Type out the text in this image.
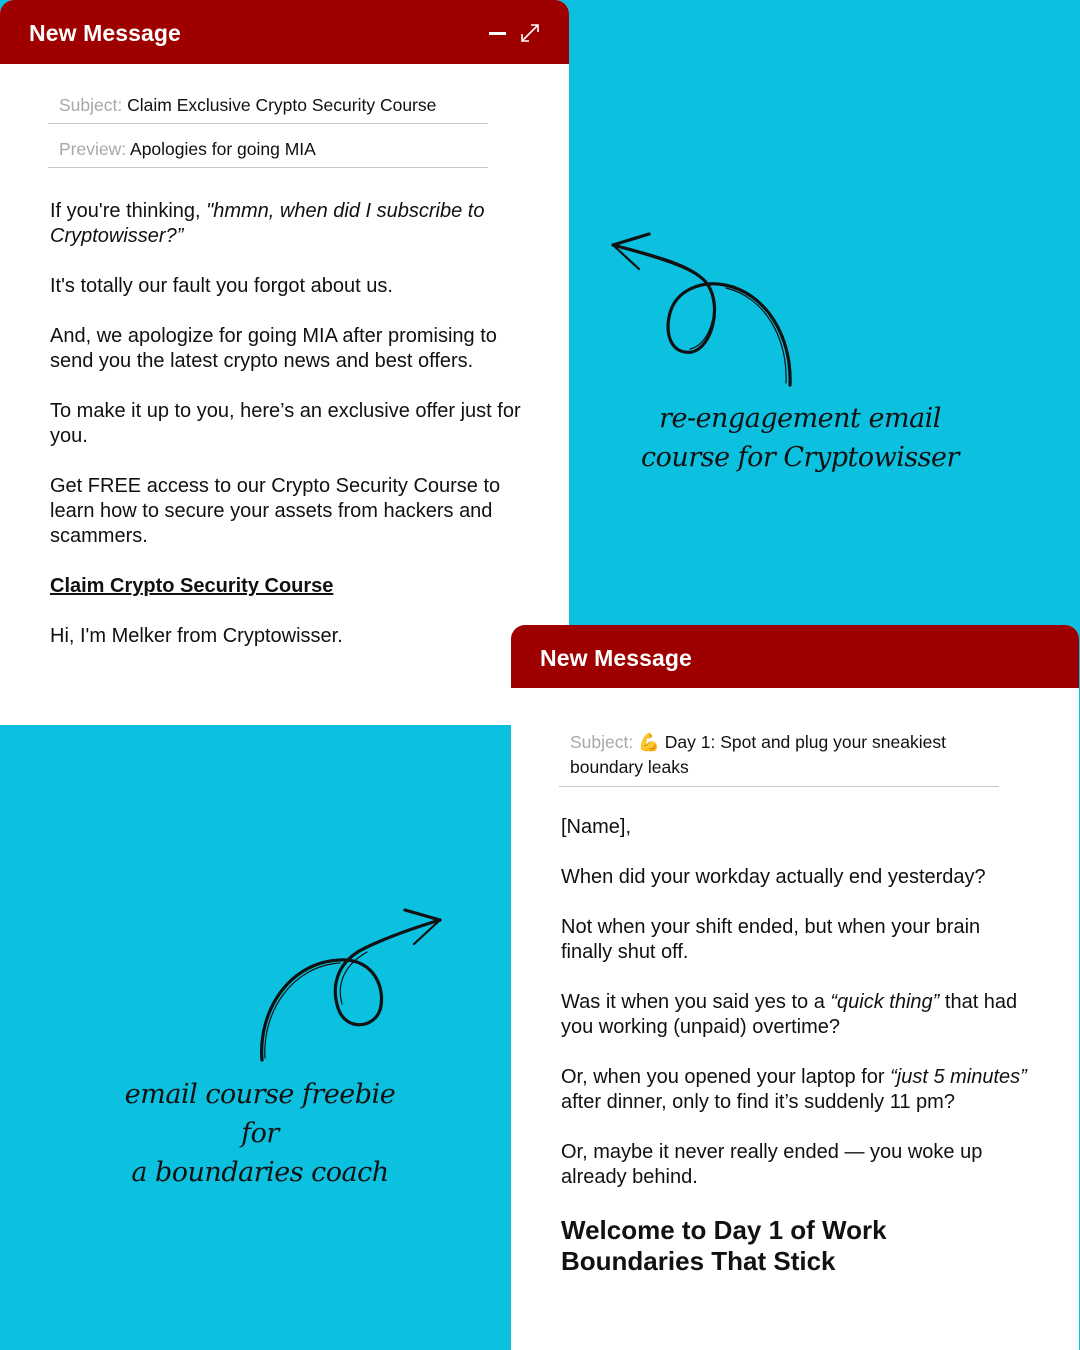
New Message
Subject: Claim Exclusive Crypto Security Course
Preview: Apologies for going MIA

If you're thinking, "hmmn, when did I subscribe to Cryptowisser?”

It's totally our fault you forgot about us.

And, we apologize for going MIA after promising to send you the latest crypto news and best offers.

To make it up to you, here’s an exclusive offer just for you.

Get FREE access to our Crypto Security Course to learn how to secure your assets from hackers and scammers.

Claim Crypto Security Course

Hi, I'm Melker from Cryptowisser.

re-engagement email
course for Cryptowisser
email course freebie for
a boundaries coach
New Message
Subject: 💪 Day 1: Spot and plug your sneakiest boundary leaks

[Name],

When did your workday actually end yesterday?

Not when your shift ended, but when your brain finally shut off.

Was it when you said yes to a “quick thing” that had you working (unpaid) overtime?

Or, when you opened your laptop for “just 5 minutes” after dinner, only to find it’s suddenly 11 pm?

Or, maybe it never really ended — you woke up already behind.

Welcome to Day 1 of Work Boundaries That Stick
